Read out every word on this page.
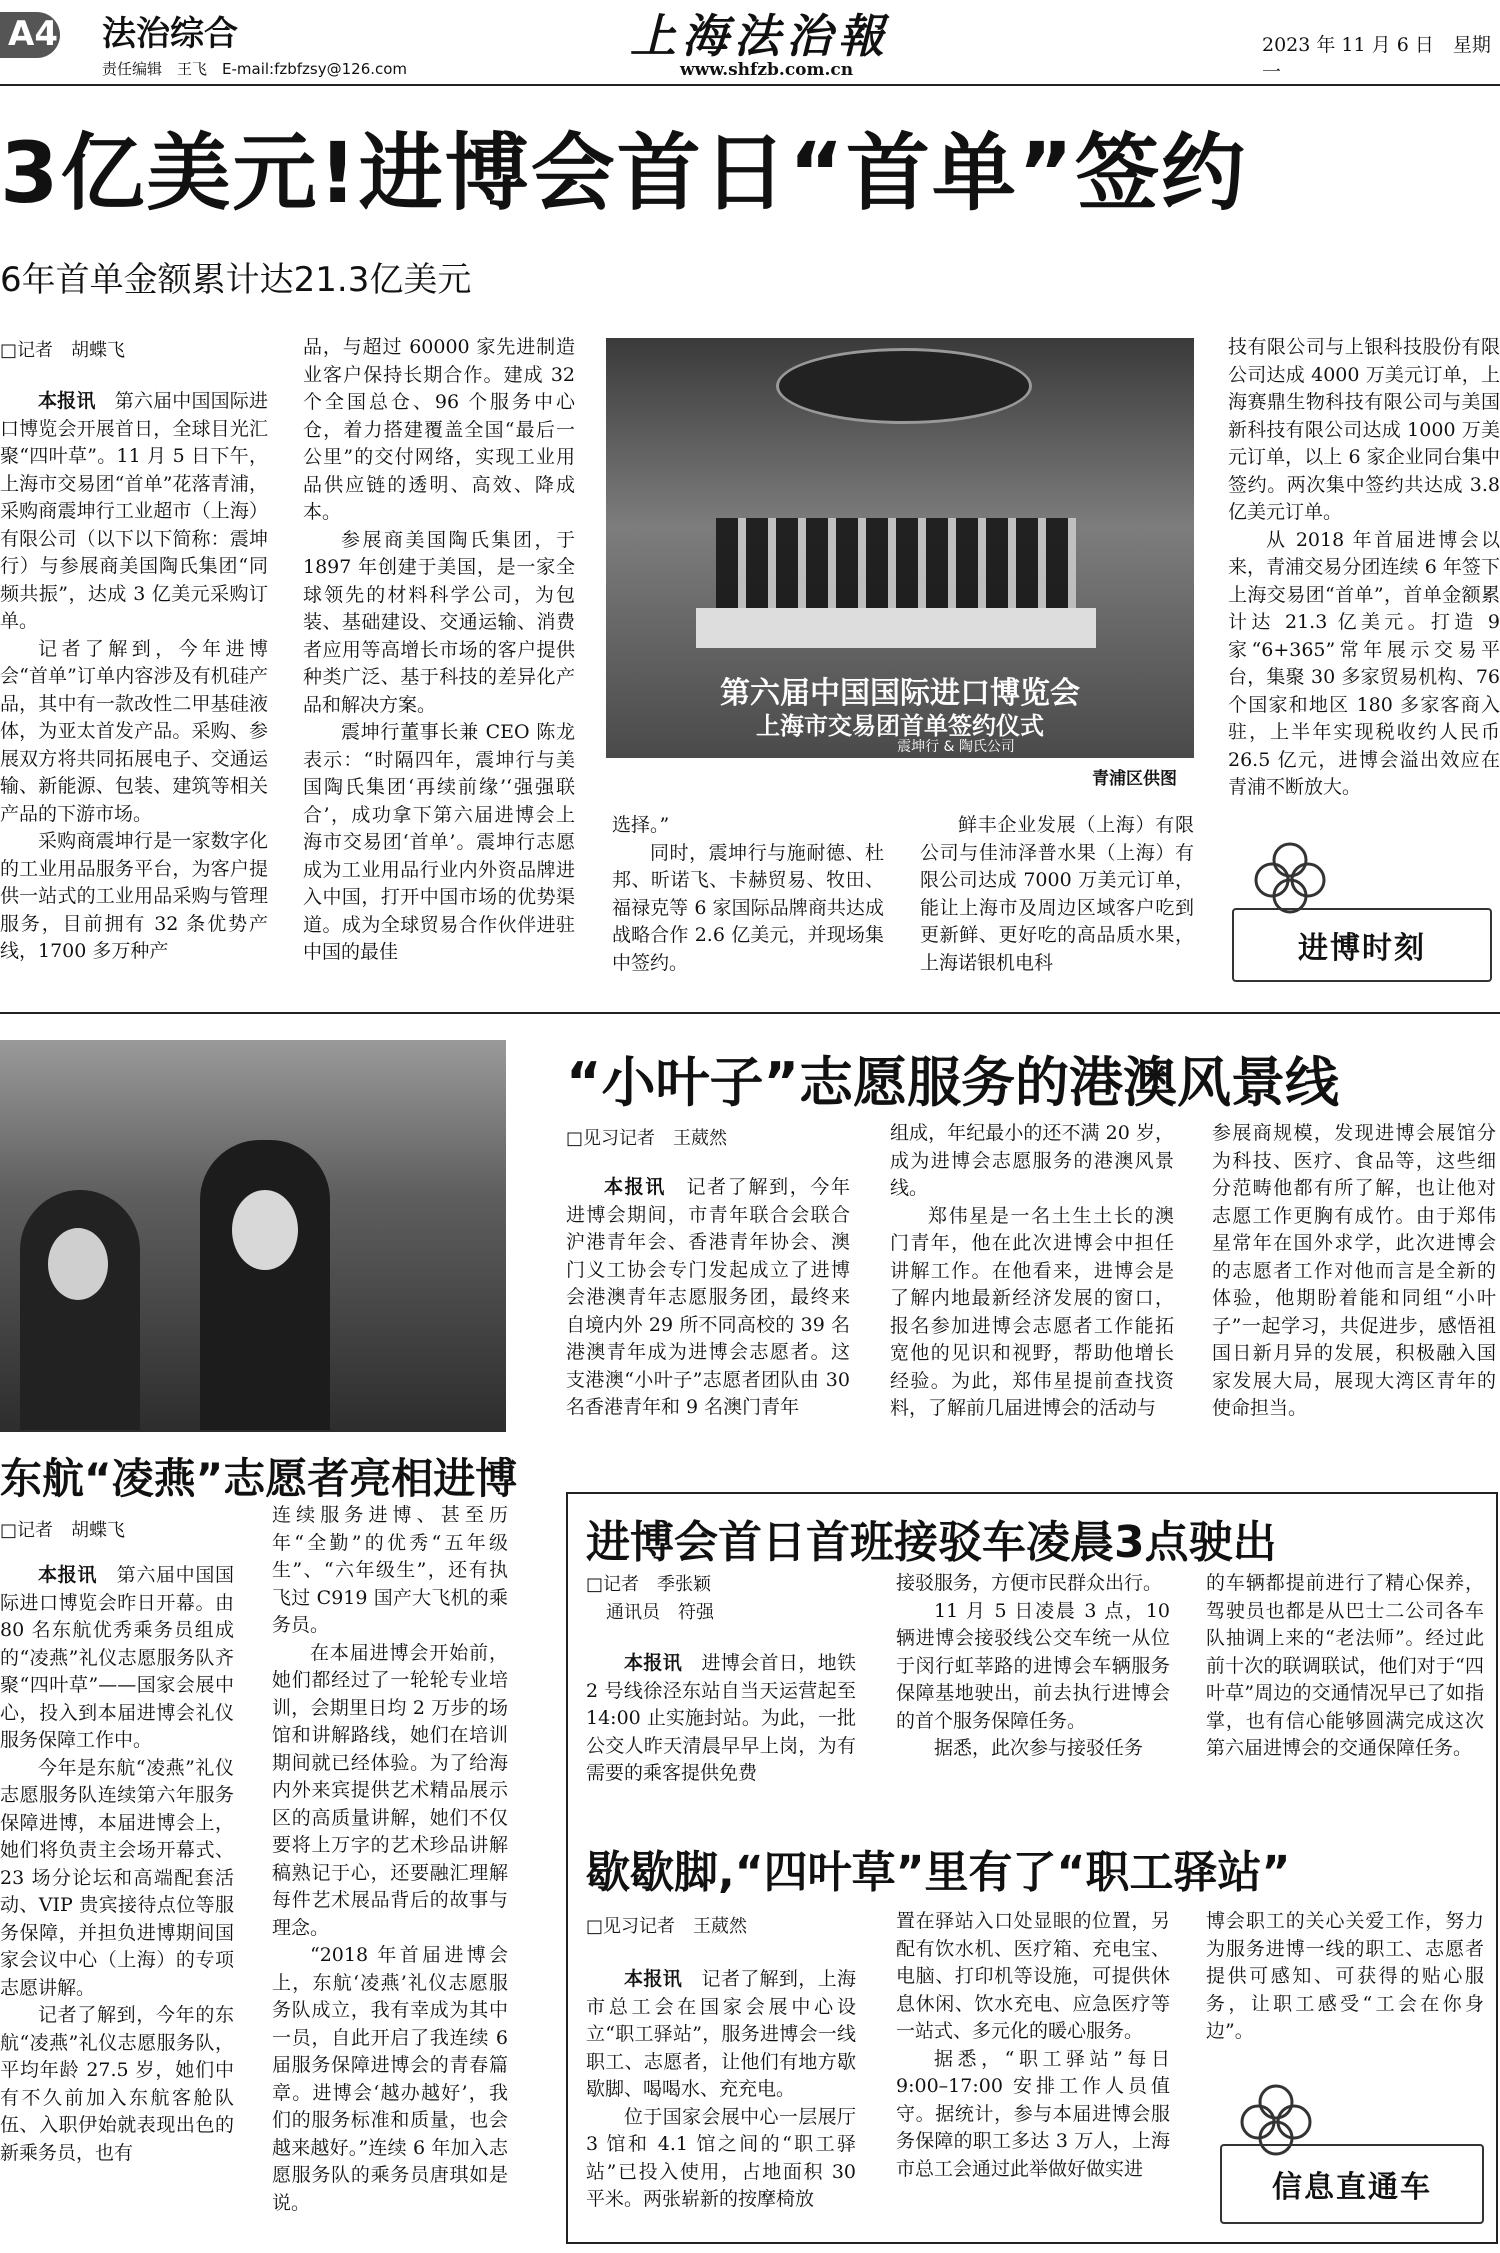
A4 法治综合
责任编辑　王飞　E-mail:fzbfzsy@126.com
上海法治報
www.shfzb.com.cn
2023 年 11 月 6 日　星期一
3亿美元!进博会首日“首单”签约
6年首单金额累计达21.3亿美元
□记者　胡蝶飞

本报讯　 第六届中国国际进口博览会开展首日，全球目光汇聚“四叶草”。11 月 5 日下午，上海市交易团“首单”花落青浦，采购商震坤行工业超市（上海）有限公司（以下以下简称：震坤行）与参展商美国陶氏集团“同频共振”，达成 3 亿美元采购订单。

记者了解到，今年进博会“首单”订单内容涉及有机硅产品，其中有一款改性二甲基硅液体，为亚太首发产品。采购、参展双方将共同拓展电子、交通运输、新能源、包装、建筑等相关产品的下游市场。

采购商震坤行是一家数字化的工业用品服务平台，为客户提供一站式的工业用品采购与管理服务，目前拥有 32 条优势产线，1700 多万种产

品，与超过 60000 家先进制造业客户保持长期合作。建成 32 个全国总仓、96 个服务中心仓，着力搭建覆盖全国“最后一公里”的交付网络，实现工业用品供应链的透明、高效、降成本。

参展商美国陶氏集团，于 1897 年创建于美国，是一家全球领先的材料科学公司，为包装、基础建设、交通运输、消费者应用等高增长市场的客户提供种类广泛、基于科技的差异化产品和解决方案。

震坤行董事长兼 CEO 陈龙表示：“时隔四年，震坤行与美国陶氏集团‘再续前缘’‘强强联合’，成功拿下第六届进博会上海市交易团‘首单’。震坤行志愿成为工业用品行业内外资品牌进入中国，打开中国市场的优势渠道。成为全球贸易合作伙伴进驻中国的最佳

第六届中国国际进口博览会
上海市交易团首单签约仪式
震坤行 & 陶氏公司
青浦区供图

选择。”

同时，震坤行与施耐德、杜邦、昕诺飞、卡赫贸易、牧田、福禄克等 6 家国际品牌商共达成战略合作 2.6 亿美元，并现场集中签约。

鲜丰企业发展（上海）有限公司与佳沛泽普水果（上海）有限公司达成 7000 万美元订单，能让上海市及周边区域客户吃到更新鲜、更好吃的高品质水果，上海诺银机电科

技有限公司与上银科技股份有限公司达成 4000 万美元订单，上海赛鼎生物科技有限公司与美国新科技有限公司达成 1000 万美元订单，以上 6 家企业同台集中签约。两次集中签约共达成 3.8 亿美元订单。

从 2018 年首届进博会以来，青浦交易分团连续 6 年签下上海交易团“首单”，首单金额累计达 21.3 亿美元。打造 9 家“6+365”常年展示交易平台，集聚 30 多家贸易机构、76 个国家和地区 180 多家客商入驻，上半年实现税收约人民币 26.5 亿元，进博会溢出效应在青浦不断放大。

进博时刻
东航“凌燕”志愿者亮相进博
□记者　胡蝶飞

本报讯　 第六届中国国际进口博览会昨日开幕。由 80 名东航优秀乘务员组成的“凌燕”礼仪志愿服务队齐聚“四叶草”——国家会展中心，投入到本届进博会礼仪服务保障工作中。

今年是东航“凌燕”礼仪志愿服务队连续第六年服务保障进博，本届进博会上，她们将负责主会场开幕式、23 场分论坛和高端配套活动、VIP 贵宾接待点位等服务保障，并担负进博期间国家会议中心（上海）的专项志愿讲解。

记者了解到，今年的东航“凌燕”礼仪志愿服务队，平均年龄 27.5 岁，她们中有不久前加入东航客舱队伍、入职伊始就表现出色的新乘务员，也有

连续服务进博、甚至历年“全勤”的优秀“五年级生”、“六年级生”，还有执飞过 C919 国产大飞机的乘务员。

在本届进博会开始前，她们都经过了一轮轮专业培训，会期里日均 2 万步的场馆和讲解路线，她们在培训期间就已经体验。为了给海内外来宾提供艺术精品展示区的高质量讲解，她们不仅要将上万字的艺术珍品讲解稿熟记于心，还要融汇理解每件艺术展品背后的故事与理念。

“2018 年首届进博会上，东航‘凌燕’礼仪志愿服务队成立，我有幸成为其中一员，自此开启了我连续 6 届服务保障进博会的青春篇章。进博会‘越办越好’，我们的服务标准和质量，也会越来越好。”连续 6 年加入志愿服务队的乘务员唐琪如是说。

“小叶子”志愿服务的港澳风景线
□见习记者　王葳然

本报讯　 记者了解到，今年进博会期间，市青年联合会联合沪港青年会、香港青年协会、澳门义工协会专门发起成立了进博会港澳青年志愿服务团，最终来自境内外 29 所不同高校的 39 名港澳青年成为进博会志愿者。这支港澳“小叶子”志愿者团队由 30 名香港青年和 9 名澳门青年

组成，年纪最小的还不满 20 岁，成为进博会志愿服务的港澳风景线。

郑伟星是一名土生土长的澳门青年，他在此次进博会中担任讲解工作。在他看来，进博会是了解内地最新经济发展的窗口，报名参加进博会志愿者工作能拓宽他的见识和视野，帮助他增长经验。为此，郑伟星提前查找资料，了解前几届进博会的活动与

参展商规模，发现进博会展馆分为科技、医疗、食品等，这些细分范畴他都有所了解，也让他对志愿工作更胸有成竹。由于郑伟星常年在国外求学，此次进博会的志愿者工作对他而言是全新的体验，他期盼着能和同组“小叶子”一起学习，共促进步，感悟祖国日新月异的发展，积极融入国家发展大局，展现大湾区青年的使命担当。

进博会首日首班接驳车凌晨3点驶出
□记者　季张颖
通讯员　符强

本报讯　 进博会首日，地铁 2 号线徐泾东站自当天运营起至 14:00 止实施封站。为此，一批公交人昨天清晨早早上岗，为有需要的乘客提供免费

接驳服务，方便市民群众出行。

11 月 5 日凌晨 3 点，10 辆进博会接驳线公交车统一从位于闵行虹莘路的进博会车辆服务保障基地驶出，前去执行进博会的首个服务保障任务。

据悉，此次参与接驳任务

的车辆都提前进行了精心保养，驾驶员也都是从巴士二公司各车队抽调上来的“老法师”。经过此前十次的联调联试，他们对于“四叶草”周边的交通情况早已了如指掌，也有信心能够圆满完成这次第六届进博会的交通保障任务。

歇歇脚,“四叶草”里有了“职工驿站”
□见习记者　王葳然

本报讯　 记者了解到，上海市总工会在国家会展中心设立“职工驿站”，服务进博会一线职工、志愿者，让他们有地方歇歇脚、喝喝水、充充电。

位于国家会展中心一层展厅 3 馆和 4.1 馆之间的“职工驿站”已投入使用，占地面积 30 平米。两张崭新的按摩椅放

置在驿站入口处显眼的位置，另配有饮水机、医疗箱、充电宝、电脑、打印机等设施，可提供休息休闲、饮水充电、应急医疗等一站式、多元化的暖心服务。

据悉，“职工驿站”每日 9:00–17:00 安排工作人员值守。据统计，参与本届进博会服务保障的职工多达 3 万人，上海市总工会通过此举做好做实进

博会职工的关心关爱工作，努力为服务进博一线的职工、志愿者提供可感知、可获得的贴心服务，让职工感受“工会在你身边”。

信息直通车
